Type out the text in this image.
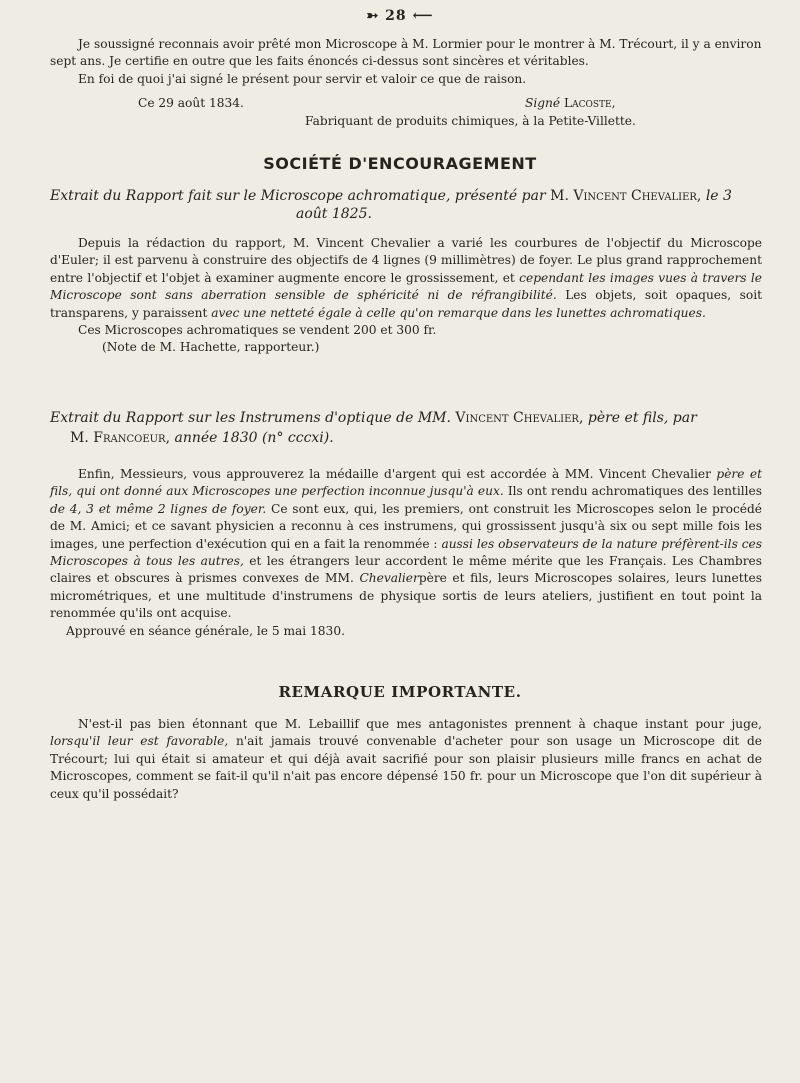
➳ 28 ⟵

Je soussigné reconnais avoir prêté mon Microscope à M. Lormier pour le montrer à M. Trécourt, il y a environ

sept ans. Je certifie en outre que les faits énoncés ci-dessus sont sincères et véritables.

En foi de quoi j'ai signé le présent pour servir et valoir ce que de raison.

Ce 29 août 1834.	Signé Lacoste,
Fabriquant de produits chimiques, à la Petite-Villette.
SOCIÉTÉ D'ENCOURAGEMENT
Extrait du Rapport fait sur le Microscope achromatique, présenté par M. Vincent Chevalier, le 3
août 1825.

Depuis la rédaction du rapport, M. Vincent Chevalier a varié les courbures de l'objectif du Microscope d'Euler; il est parvenu à construire des objectifs de 4 lignes (9 millimètres) de foyer. Le plus grand rapprochement entre l'objectif et l'objet à examiner augmente encore le grossissement, et cependant les images vues à travers le Microscope sont sans aberration sensible de sphéricité ni de réfrangibilité. Les objets, soit opaques, soit transparens, y paraissent avec une netteté égale à celle qu'on remarque dans les lunettes achromatiques.

Ces Microscopes achromatiques se vendent 200 et 300 fr.

(Note de M. Hachette, rapporteur.)

Extrait du Rapport sur les Instrumens d'optique de MM. Vincent Chevalier, père et fils, par
M. Francoeur, année 1830 (n° cccxi).

Enfin, Messieurs, vous approuverez la médaille d'argent qui est accordée à MM. Vincent Chevalier père et fils, qui ont donné aux Microscopes une perfection inconnue jusqu'à eux. Ils ont rendu achromatiques des lentilles de 4, 3 et même 2 lignes de foyer. Ce sont eux, qui, les premiers, ont construit les Microscopes selon le procédé de M. Amici; et ce savant physicien a reconnu à ces instrumens, qui grossissent jusqu'à six ou sept mille fois les images, une perfection d'exécution qui en a fait la renommée : aussi les observateurs de la nature préfèrent-ils ces Microscopes à tous les autres, et les étrangers leur accordent le même mérite que les Français. Les Chambres claires et obscures à prismes convexes de MM. Chevalierpère et fils, leurs Microscopes solaires, leurs lunettes micrométriques, et une multitude d'instrumens de physique sortis de leurs ateliers, justifient en tout point la renommée qu'ils ont acquise.

Approuvé en séance générale, le 5 mai 1830.

REMARQUE IMPORTANTE.

N'est-il pas bien étonnant que M. Lebaillif que mes antagonistes prennent à chaque instant pour juge, lorsqu'il leur est favorable, n'ait jamais trouvé convenable d'acheter pour son usage un Microscope dit de Trécourt; lui qui était si amateur et qui déjà avait sacrifié pour son plaisir plusieurs mille francs en achat de Microscopes, comment se fait-il qu'il n'ait pas encore dépensé 150 fr. pour un Microscope que l'on dit supérieur à ceux qu'il possédait?
